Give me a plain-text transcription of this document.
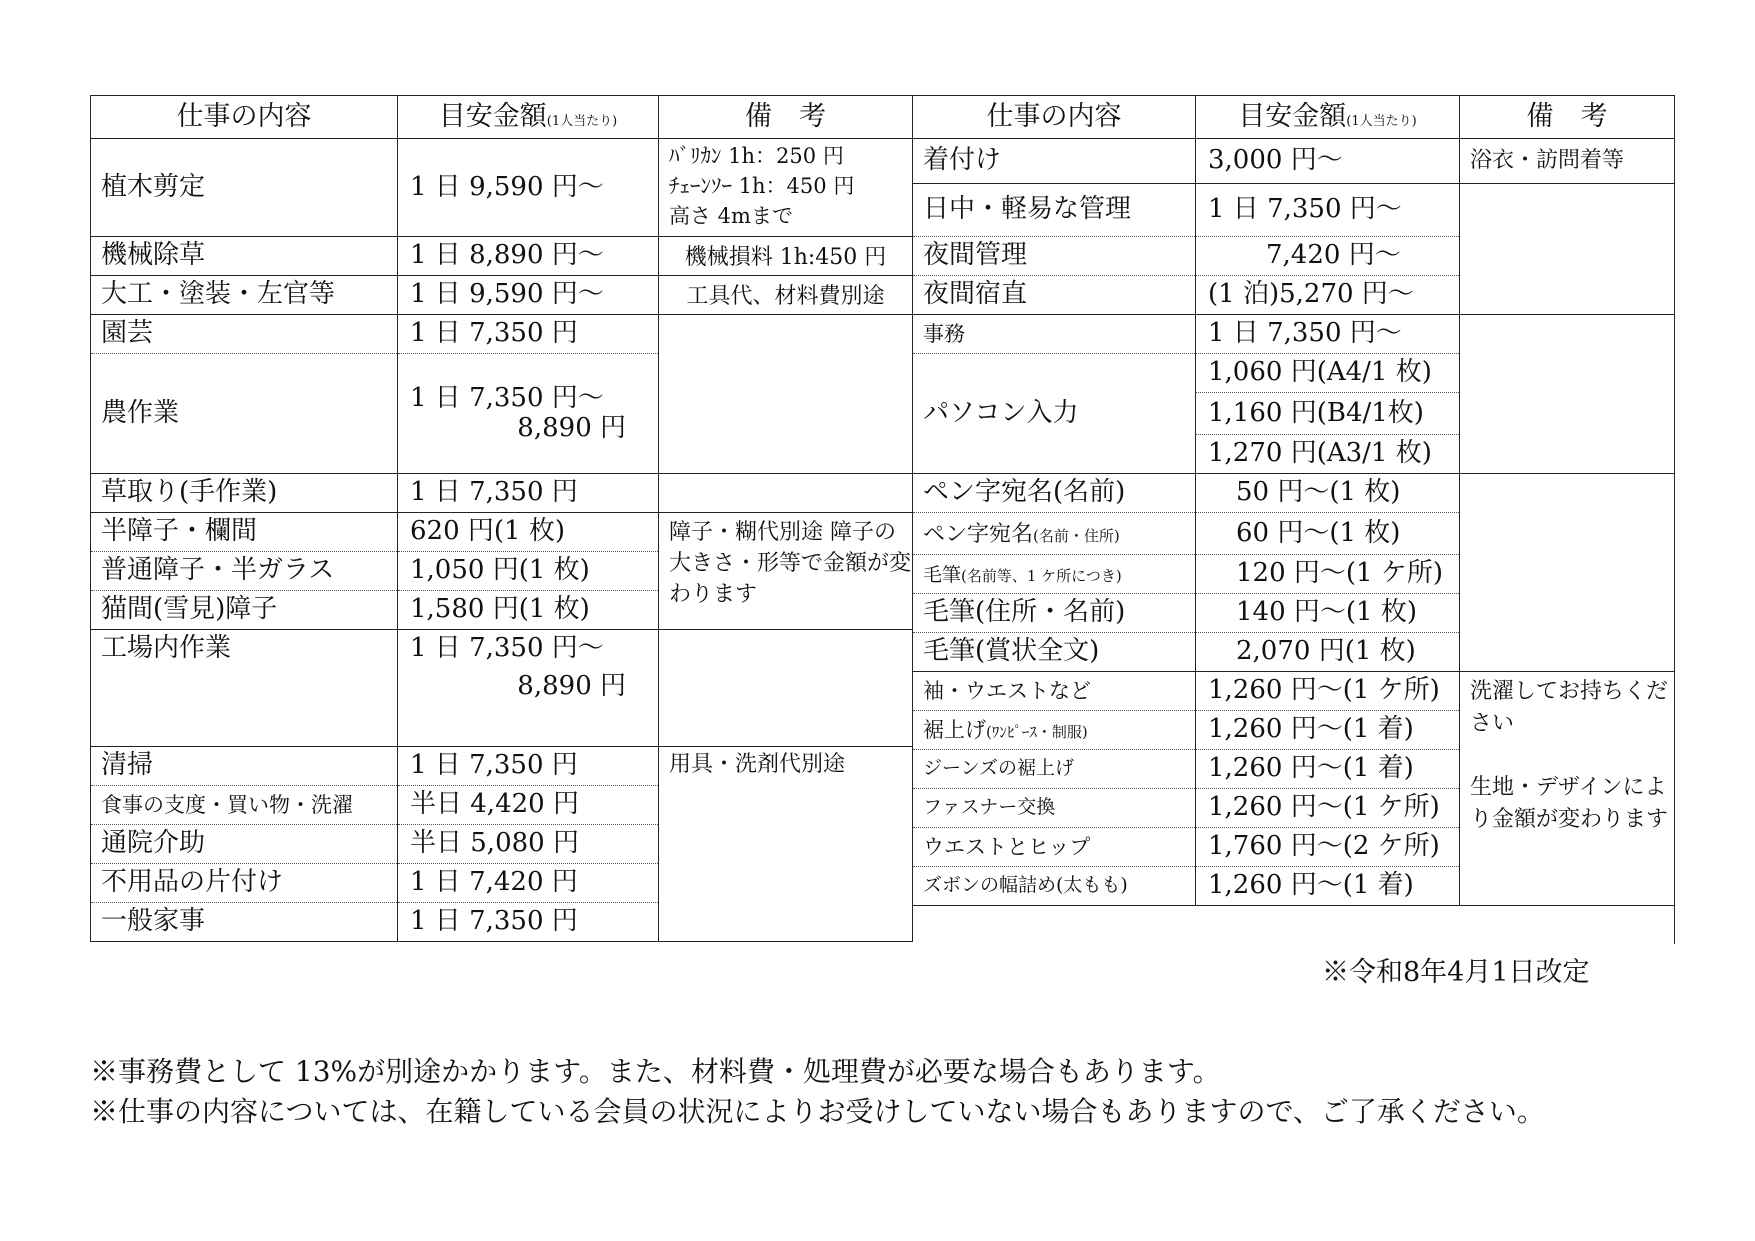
仕事の内容	目安金額(1人当たり)	備　考
植木剪定	1 日 9,590 円～	ﾊﾞﾘｶﾝ 1h：250 円
ﾁｪｰﾝｿｰ 1h：450 円
高さ 4mまで
機械除草	1 日 8,890 円～	機械損料 1h:450 円
大工・塗装・左官等	1 日 9,590 円～	工具代、材料費別途
園芸	1 日 7,350 円	
農作業	1 日 7,350 円～
8,890 円	

草取り(手作業)	1 日 7,350 円	
半障子・欄間	620 円(1 枚)	障子・糊代別途 障子の大きさ・形等で金額が変わります
普通障子・半ガラス	1,050 円(1 枚)	
猫間(雪見)障子	1,580 円(1 枚)	
工場内作業	1 日 7,350 円～
8,890 円	

清掃	1 日 7,350 円	用具・洗剤代別途
食事の支度・買い物・洗濯	半日 4,420 円	
通院介助	半日 5,080 円	
不用品の片付け	1 日 7,420 円	
一般家事	1 日 7,350 円	
仕事の内容	目安金額(1人当たり)	備　考
着付け	3,000 円～	浴衣・訪問着等
日中・軽易な管理	1 日 7,350 円～	
夜間管理	7,420 円～	
夜間宿直	(1 泊)5,270 円～	
事務	1 日 7,350 円～	
パソコン入力	1,060 円(A4/1 枚)	
	1,160 円(B4/1枚)	
	1,270 円(A3/1 枚)	
ペン字宛名(名前)	50 円～(1 枚)	
ペン字宛名(名前・住所)	60 円～(1 枚)	
毛筆(名前等、1 ケ所につき)	120 円～(1 ケ所)	
毛筆(住所・名前)	140 円～(1 枚)	
毛筆(賞状全文)	2,070 円(1 枚)	
袖・ウエストなど	1,260 円～(1 ケ所)	洗濯してお持ちください

生地・デザインにより金額が変わります
裾上げ(ﾜﾝﾋﾟｰｽ・制服)	1,260 円～(1 着)	
ジーンズの裾上げ	1,260 円～(1 着)	
ファスナー交換	1,260 円～(1 ケ所)	
ウエストとヒップ	1,760 円～(2 ケ所)	
ズボンの幅詰め(太もも)	1,260 円～(1 着)	

※令和8年4月1日改定
※事務費として 13%が別途かかります。また、材料費・処理費が必要な場合もあります。
※仕事の内容については、在籍している会員の状況によりお受けしていない場合もありますので、ご了承ください。
